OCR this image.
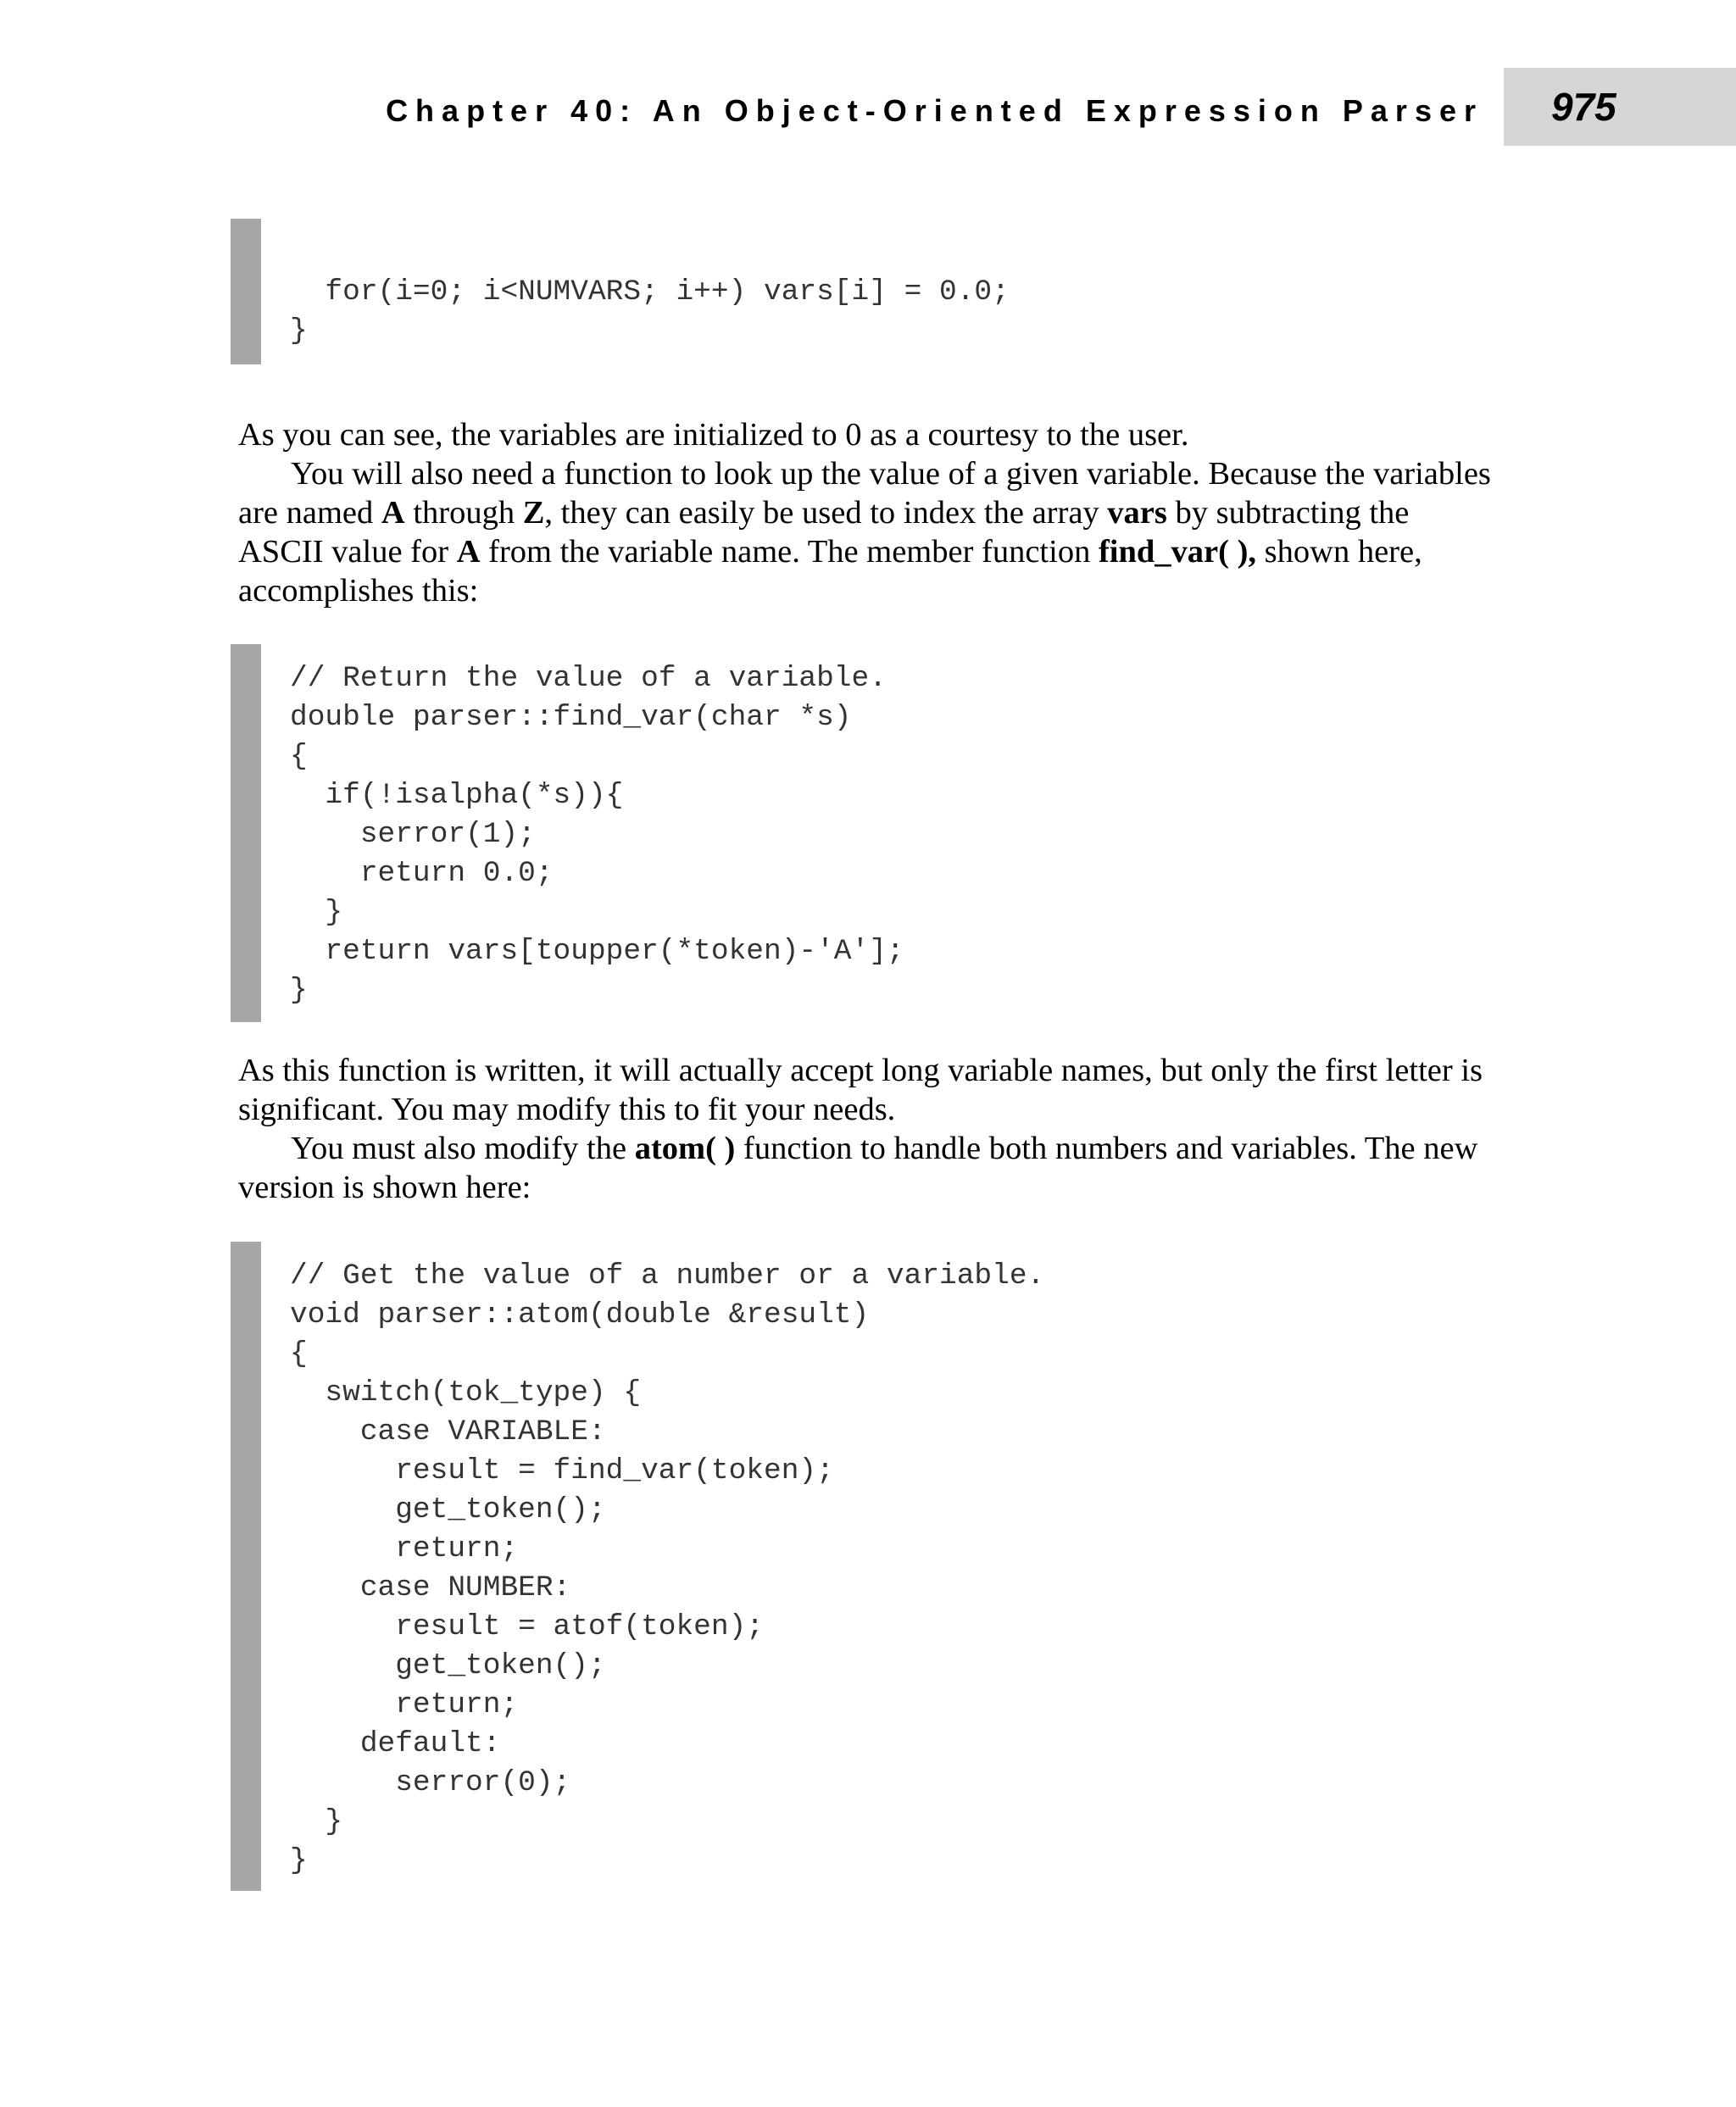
Chapter 40: An Object-Oriented Expression Parser 975
for(i=0; i<NUMVARS; i++) vars[i] = 0.0;
}

As you can see, the variables are initialized to 0 as a courtesy to the user.

You will also need a function to look up the value of a given variable. Because the variables are named A through Z, they can easily be used to index the array vars by subtracting the ASCII value for A from the variable name. The member function find_var( ), shown here, accomplishes this:

// Return the value of a variable.
double parser::find_var(char *s)
{
if(!isalpha(*s)){
serror(1);
return 0.0;
}
return vars[toupper(*token)-'A'];
}

As this function is written, it will actually accept long variable names, but only the first letter is significant. You may modify this to fit your needs.

You must also modify the atom( ) function to handle both numbers and variables. The new version is shown here:

// Get the value of a number or a variable.
void parser::atom(double &result)
{
switch(tok_type) {
case VARIABLE:
result = find_var(token);
get_token();
return;
case NUMBER:
result = atof(token);
get_token();
return;
default:
serror(0);
}
}
